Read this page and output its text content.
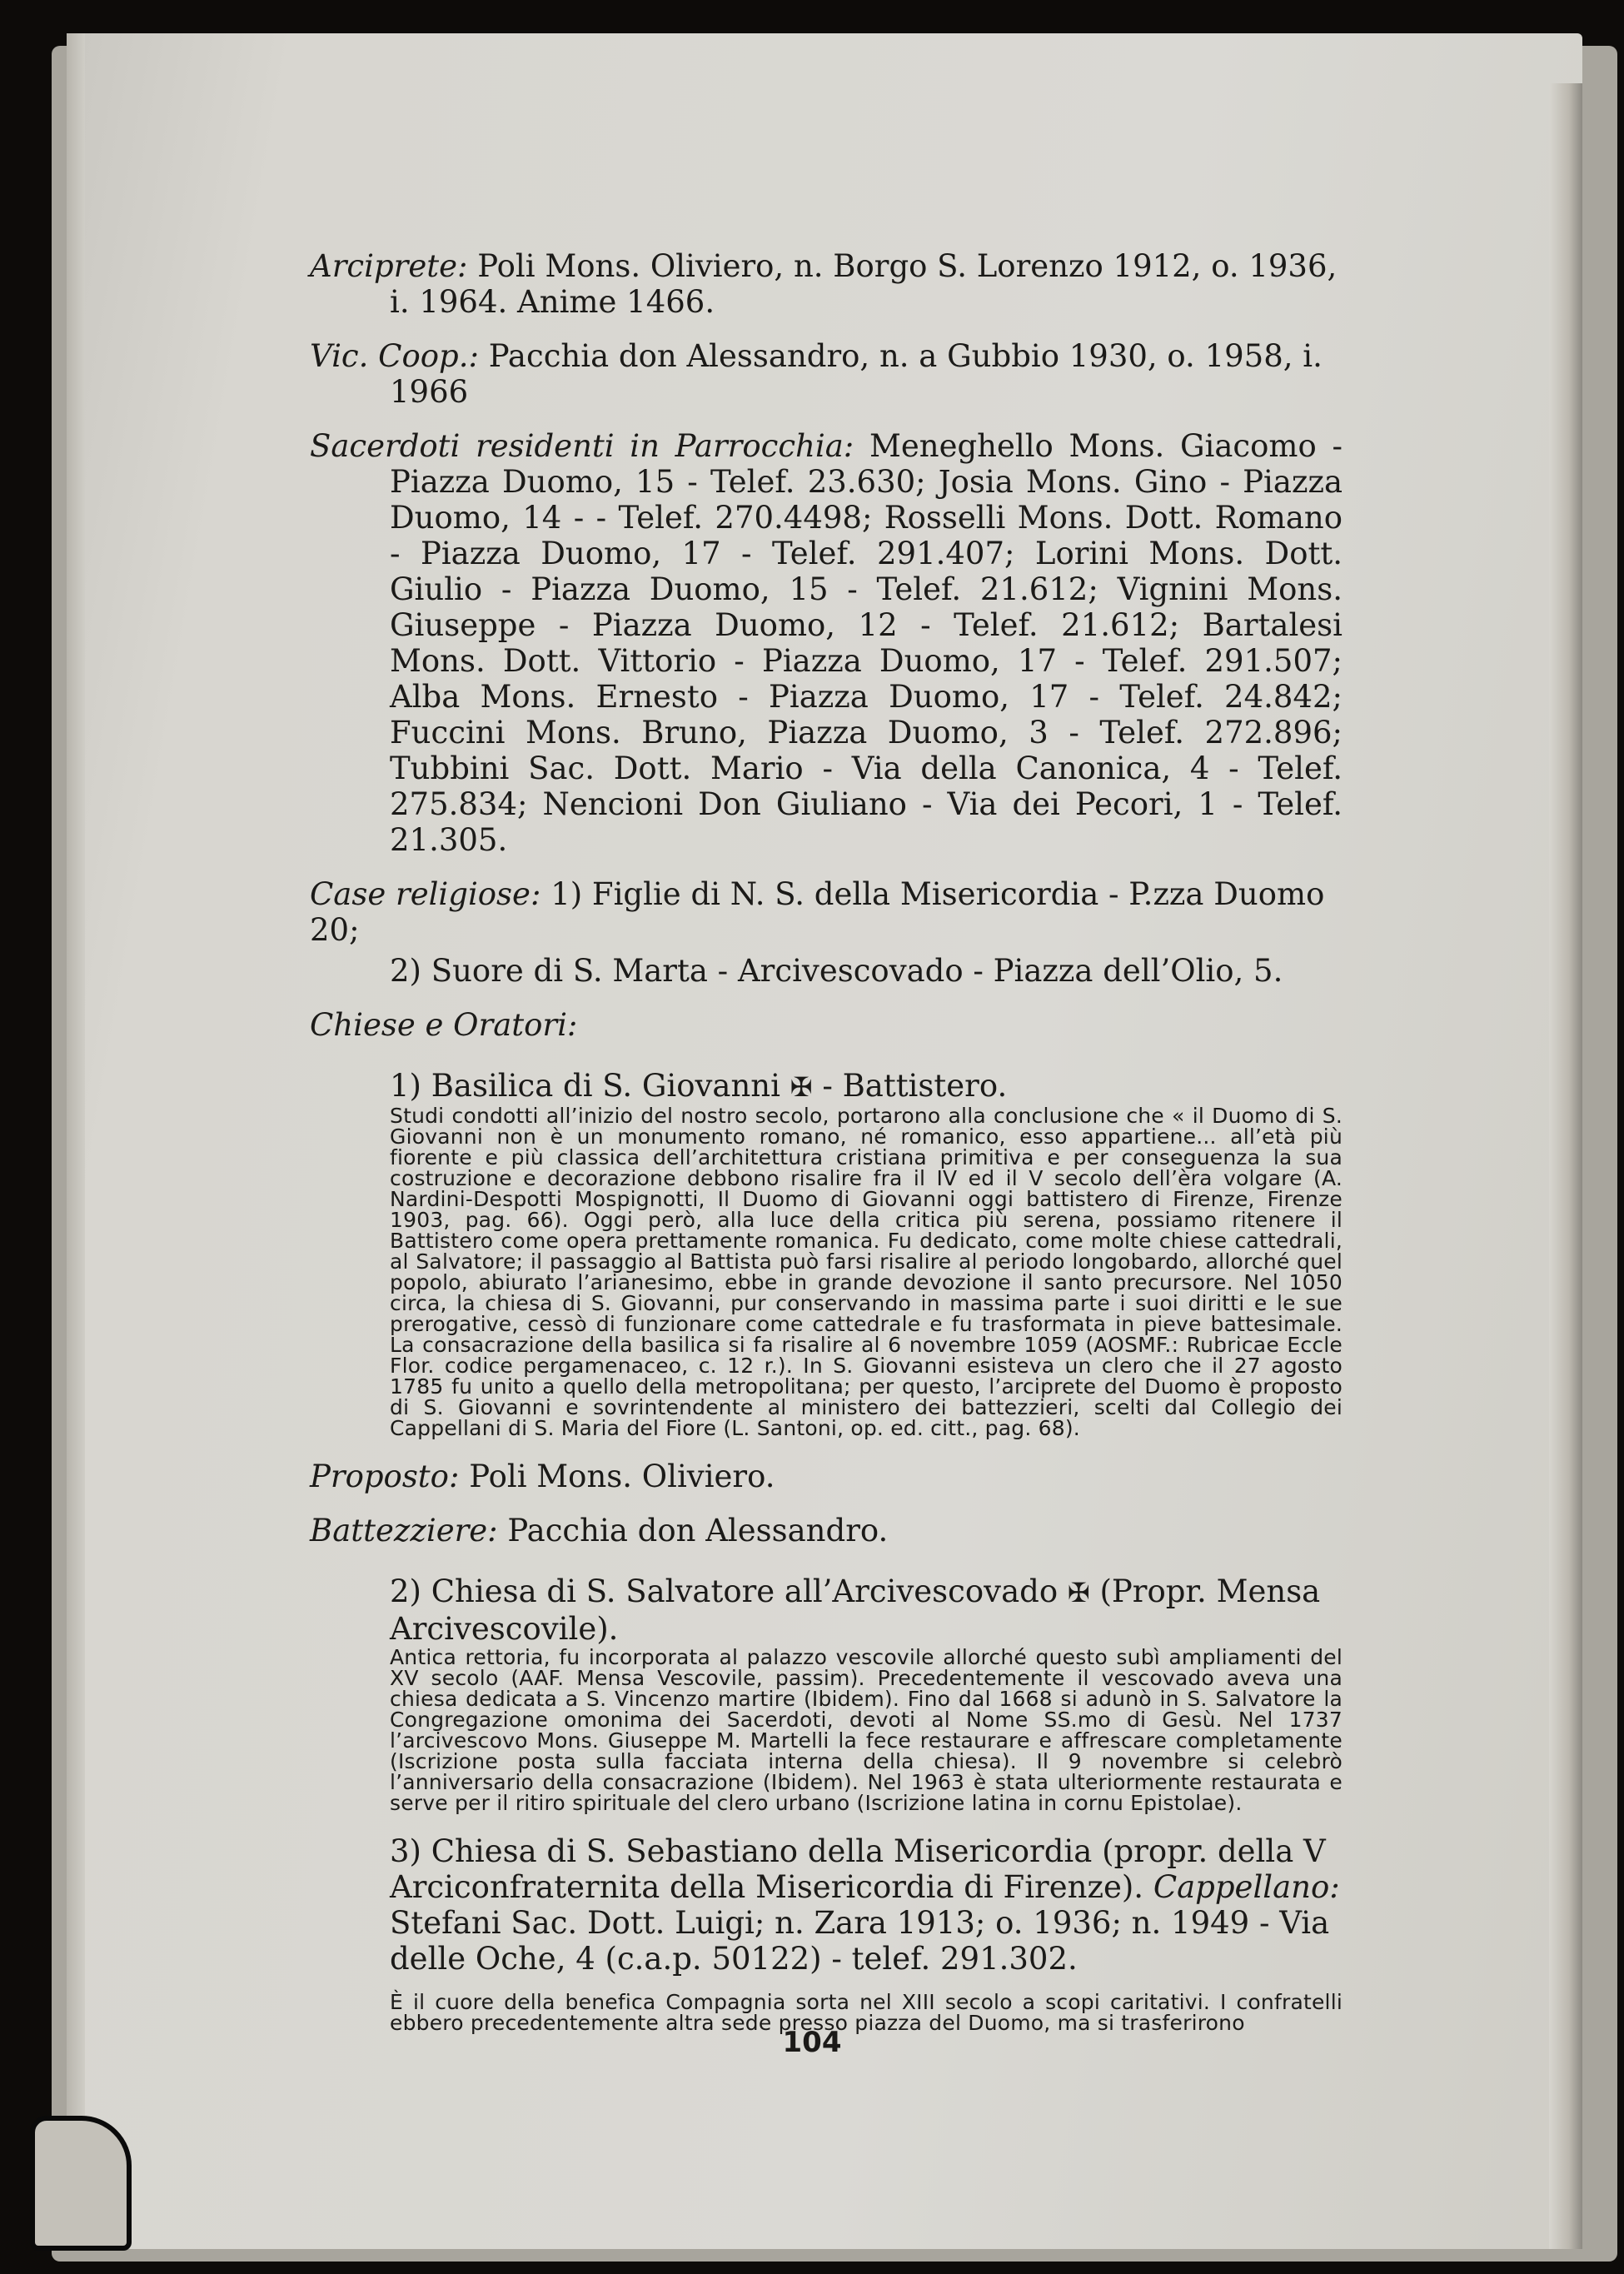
Arciprete: Poli Mons. Oliviero, n. Borgo S. Lorenzo 1912, o. 1936, i. 1964. Anime 1466.
Vic. Coop.: Pacchia don Alessandro, n. a Gubbio 1930, o. 1958, i. 1966
Sacerdoti residenti in Parrocchia: Meneghello Mons. Giacomo - Piazza Duomo, 15 - Telef. 23.630; Josia Mons. Gino - Piazza Duomo, 14 - - Telef. 270.4498; Rosselli Mons. Dott. Romano - Piazza Duomo, 17 - Telef. 291.407; Lorini Mons. Dott. Giulio - Piazza Duomo, 15 - Telef. 21.612; Vignini Mons. Giuseppe - Piazza Duomo, 12 - Telef. 21.612; Bartalesi Mons. Dott. Vittorio - Piazza Duomo, 17 - Telef. 291.507; Alba Mons. Ernesto - Piazza Duomo, 17 - Telef. 24.842; Fuccini Mons. Bruno, Piazza Duomo, 3 - Telef. 272.896; Tubbini Sac. Dott. Mario - Via della Canonica, 4 - Telef. 275.834; Nencioni Don Giuliano - Via dei Pecori, 1 - Telef. 21.305.
Case religiose: 1) Figlie di N. S. della Misericordia - P.zza Duomo 20;
2) Suore di S. Marta - Arcivescovado - Piazza dell’Olio, 5.
Chiese e Oratori:
1) Basilica di S. Giovanni ✠ - Battistero.
Studi condotti all’inizio del nostro secolo, portarono alla conclusione che « il Duomo di S. Giovanni non è un monumento romano, né romanico, esso appartiene... all’età più fiorente e più classica dell’architettura cristiana primitiva e per conseguenza la sua costruzione e decorazione debbono risalire fra il IV ed il V secolo dell’èra volgare (A. Nardini-Despotti Mospignotti, Il Duomo di Giovanni oggi battistero di Firenze, Firenze 1903, pag. 66). Oggi però, alla luce della critica più serena, possiamo ritenere il Battistero come opera prettamente romanica. Fu dedicato, come molte chiese cattedrali, al Salvatore; il passaggio al Battista può farsi risalire al periodo longobardo, allorché quel popolo, abiurato l’arianesimo, ebbe in grande devozione il santo precursore. Nel 1050 circa, la chiesa di S. Giovanni, pur conservando in massima parte i suoi diritti e le sue prerogative, cessò di funzionare come cattedrale e fu trasformata in pieve battesimale. La consacrazione della basilica si fa risalire al 6 novembre 1059 (AOSMF.: Rubricae Eccle Flor. codice pergamenaceo, c. 12 r.). In S. Giovanni esisteva un clero che il 27 agosto 1785 fu unito a quello della metropolitana; per questo, l’arciprete del Duomo è proposto di S. Giovanni e sovrintendente al ministero dei battezzieri, scelti dal Collegio dei Cappellani di S. Maria del Fiore (L. Santoni, op. ed. citt., pag. 68).
Proposto: Poli Mons. Oliviero.
Battezziere: Pacchia don Alessandro.
2) Chiesa di S. Salvatore all’Arcivescovado ✠ (Propr. Mensa Arcivescovile).
Antica rettoria, fu incorporata al palazzo vescovile allorché questo subì ampliamenti del XV secolo (AAF. Mensa Vescovile, passim). Precedentemente il vescovado aveva una chiesa dedicata a S. Vincenzo martire (Ibidem). Fino dal 1668 si adunò in S. Salvatore la Congregazione omonima dei Sacerdoti, devoti al Nome SS.mo di Gesù. Nel 1737 l’arcivescovo Mons. Giuseppe M. Martelli la fece restaurare e affrescare completamente (Iscrizione posta sulla facciata interna della chiesa). Il 9 novembre si celebrò l’anniversario della consacrazione (Ibidem). Nel 1963 è stata ulteriormente restaurata e serve per il ritiro spirituale del clero urbano (Iscrizione latina in cornu Epistolae).
3) Chiesa di S. Sebastiano della Misericordia (propr. della V Arciconfraternita della Misericordia di Firenze). Cappellano: Stefani Sac. Dott. Luigi; n. Zara 1913; o. 1936; n. 1949 - Via delle Oche, 4 (c.a.p. 50122) - telef. 291.302.
È il cuore della benefica Compagnia sorta nel XIII secolo a scopi caritativi. I confratelli ebbero precedentemente altra sede presso piazza del Duomo, ma si trasferirono
104
